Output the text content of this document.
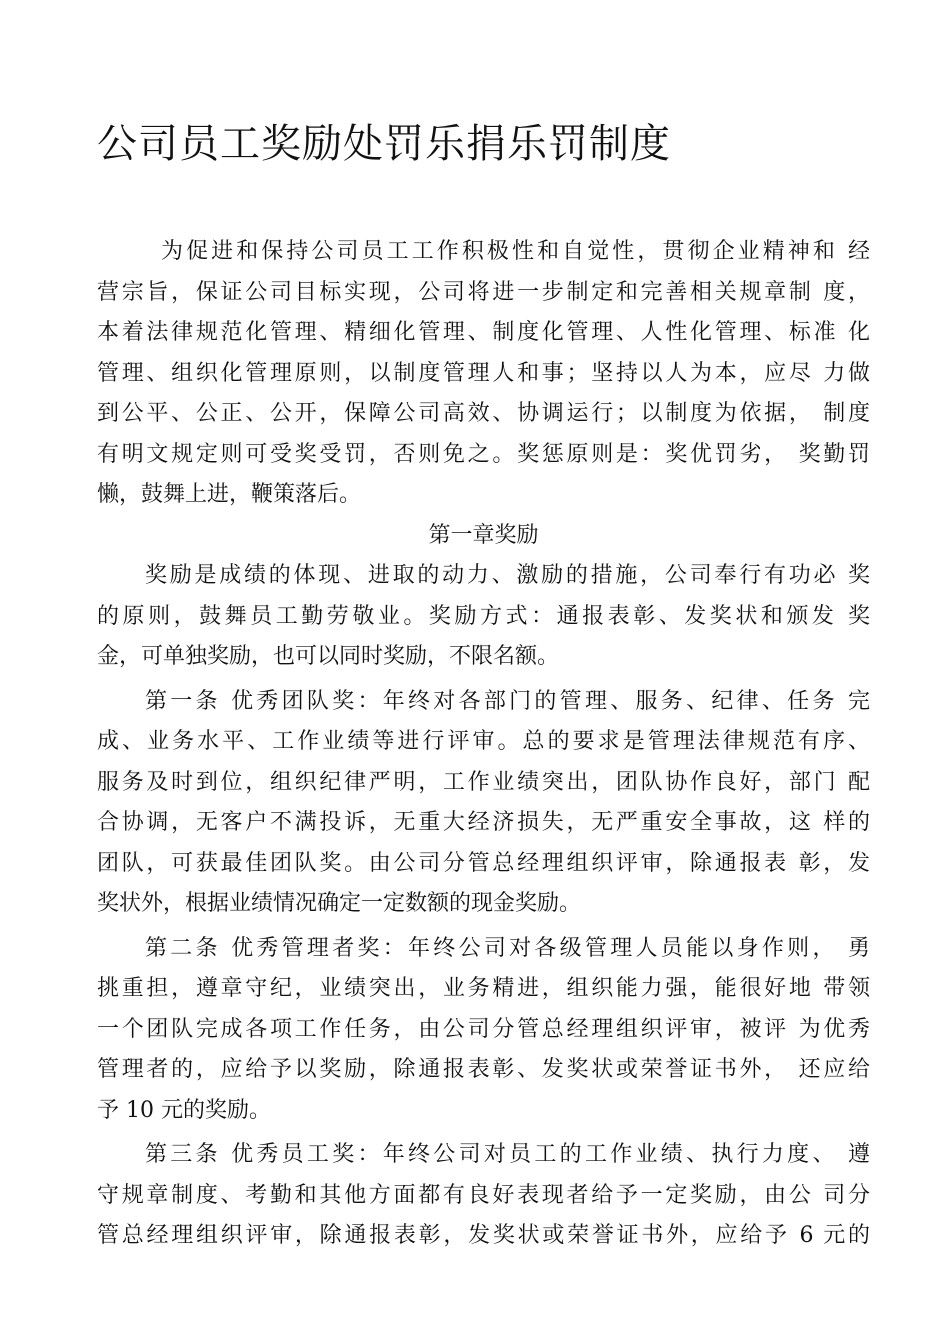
公司员工奖励处罚乐捐乐罚制度
为促进和保持公司员工工作积极性和自觉性，贯彻企业精神和 经
营宗旨，保证公司目标实现，公司将进一步制定和完善相关规章制 度，
本着法律规范化管理、精细化管理、制度化管理、人性化管理、标准 化
管理、组织化管理原则，以制度管理人和事；坚持以人为本，应尽 力做
到公平、公正、公开，保障公司高效、协调运行；以制度为依据， 制度
有明文规定则可受奖受罚，否则免之。奖惩原则是：奖优罚劣， 奖勤罚
懒，鼓舞上进，鞭策落后。
第一章奖励
奖励是成绩的体现、进取的动力、激励的措施，公司奉行有功必 奖
的原则，鼓舞员工勤劳敬业。奖励方式：通报表彰、发奖状和颁发 奖
金，可单独奖励，也可以同时奖励，不限名额。
第一条 优秀团队奖：年终对各部门的管理、服务、纪律、任务 完
成、业务水平、工作业绩等进行评审。总的要求是管理法律规范有序、
服务及时到位，组织纪律严明，工作业绩突出，团队协作良好，部门 配
合协调，无客户不满投诉，无重大经济损失，无严重安全事故，这 样的
团队，可获最佳团队奖。由公司分管总经理组织评审，除通报表 彰，发
奖状外，根据业绩情况确定一定数额的现金奖励。
第二条 优秀管理者奖：年终公司对各级管理人员能以身作则， 勇
挑重担，遵章守纪，业绩突出，业务精进，组织能力强，能很好地 带领
一个团队完成各项工作任务，由公司分管总经理组织评审，被评 为优秀
管理者的，应给予以奖励，除通报表彰、发奖状或荣誉证书外， 还应给
予 10 元的奖励。
第三条 优秀员工奖：年终公司对员工的工作业绩、执行力度、 遵
守规章制度、考勤和其他方面都有良好表现者给予一定奖励，由公 司分
管总经理组织评审，除通报表彰，发奖状或荣誉证书外，应给予 6 元的
